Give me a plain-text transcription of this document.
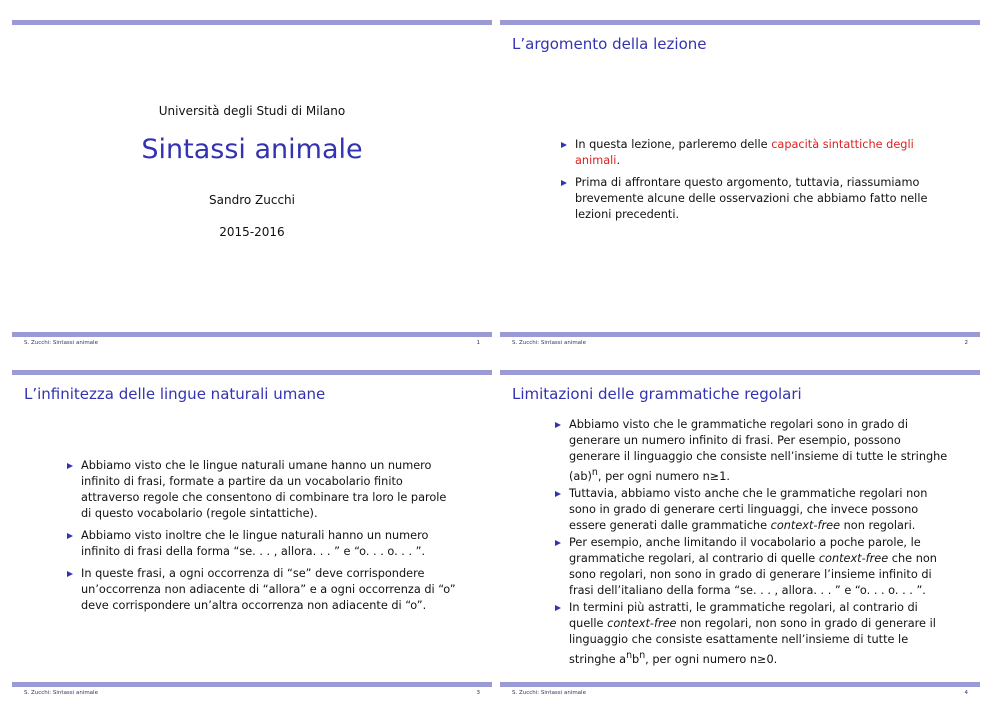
Università degli Studi di Milano
Sintassi animale
Sandro Zucchi
2015-2016
S. Zucchi: Sintassi animale	1
L’argomento della lezione
In questa lezione, parleremo delle capacità sintattiche degli animali.
Prima di affrontare questo argomento, tuttavia, riassumiamo brevemente alcune delle osservazioni che abbiamo fatto nelle lezioni precedenti.
S. Zucchi: Sintassi animale	2
L’infinitezza delle lingue naturali umane
Abbiamo visto che le lingue naturali umane hanno un numero infinito di frasi, formate a partire da un vocabolario finito attraverso regole che consentono di combinare tra loro le parole di questo vocabolario (regole sintattiche).
Abbiamo visto inoltre che le lingue naturali hanno un numero infinito di frasi della forma “se. . . , allora. . . ” e “o. . . o. . . ”.
In queste frasi, a ogni occorrenza di “se” deve corrispondere un’occorrenza non adiacente di “allora” e a ogni occorrenza di “o” deve corrispondere un’altra occorrenza non adiacente di “o”.
S. Zucchi: Sintassi animale	3
Limitazioni delle grammatiche regolari
Abbiamo visto che le grammatiche regolari sono in grado di generare un numero infinito di frasi. Per esempio, possono generare il linguaggio che consiste nell’insieme di tutte le stringhe (ab)$^n$, per ogni numero n≥1.
Tuttavia, abbiamo visto anche che le grammatiche regolari non sono in grado di generare certi linguaggi, che invece possono essere generati dalle grammatiche context-free non regolari.
Per esempio, anche limitando il vocabolario a poche parole, le grammatiche regolari, al contrario di quelle context-free che non sono regolari, non sono in grado di generare l’insieme infinito di frasi dell’italiano della forma “se. . . , allora. . . ” e “o. . . o. . . ”.
In termini più astratti, le grammatiche regolari, al contrario di quelle context-free non regolari, non sono in grado di generare il linguaggio che consiste esattamente nell’insieme di tutte le stringhe $a^nb^n$, per ogni numero n≥0.
S. Zucchi: Sintassi animale	4
